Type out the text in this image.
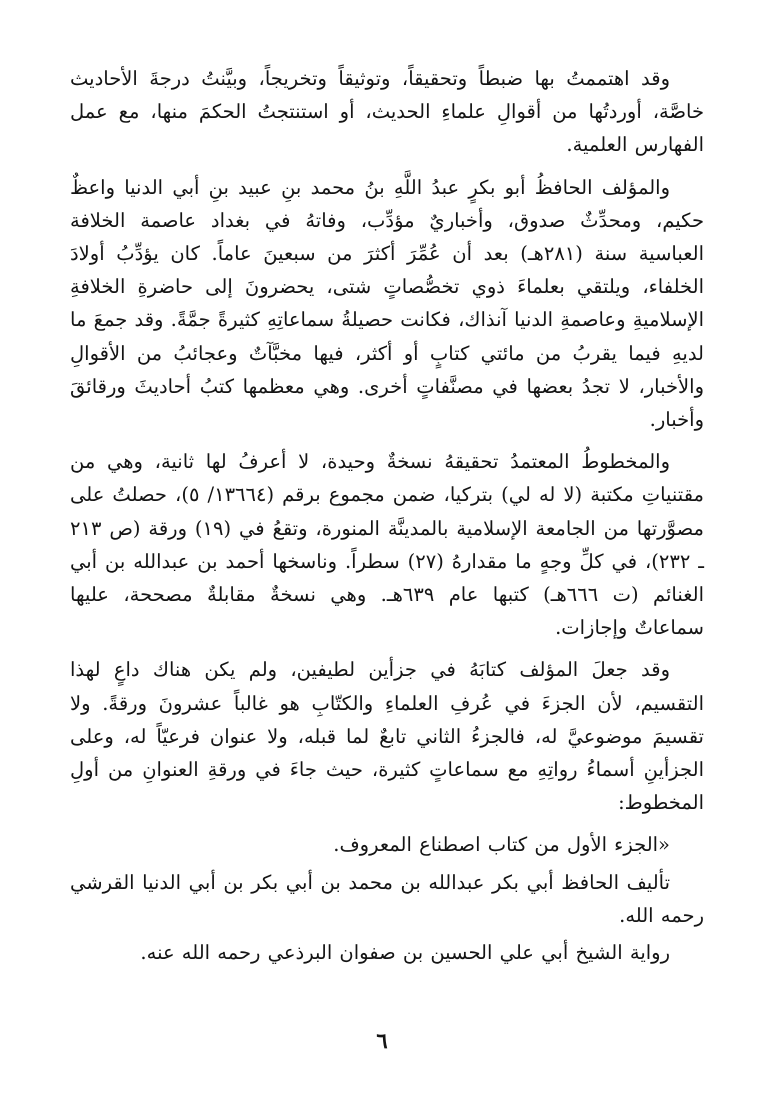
وقد اهتممتُ بها ضبطاً وتحقيقاً، وتوثيقاً وتخريجاً، وبيَّنتُ درجةَ الأحاديث خاصَّة، أوردتُها من أقوالِ علماءِ الحديث، أو استنتجتُ الحكمَ منها، مع عمل الفهارس العلمية.

والمؤلف الحافظُ أبو بكرٍ عبدُ اللَّهِ بنُ محمد بنِ عبيد بنِ أبي الدنيا واعظٌ حكيم، ومحدِّثٌ صدوق، وأخباريٌ مؤدِّب، وفاتهُ في بغداد عاصمة الخلافة العباسية سنة (٢٨١هـ) بعد أن عُمِّرَ أكثرَ من سبعينَ عاماً. كان يؤدِّبُ أولادَ الخلفاء، ويلتقي بعلماءَ ذوي تخصُّصاتٍ شتى، يحضرونَ إلى حاضرةِ الخلافةِ الإسلاميةِ وعاصمةِ الدنيا آنذاك، فكانت حصيلةُ سماعاتِهِ كثيرةً جمَّةً. وقد جمعَ ما لديهِ فيما يقربُ من مائتي كتابٍ أو أكثر، فيها مخبَّآتٌ وعجائبُ من الأقوالِ والأخبار، لا تجدُ بعضها في مصنَّفاتٍ أخرى. وهي معظمها كتبُ أحاديثَ ورقائقَ وأخبار.

والمخطوطُ المعتمدُ تحقيقهُ نسخةٌ وحيدة، لا أعرفُ لها ثانية، وهي من مقتنياتِ مكتبة (لا له لي) بتركيا، ضمن مجموع برقم (١٣٦٦٤/ ٥)، حصلتُ على مصوَّرتها من الجامعة الإسلامية بالمدينَّة المنورة، وتقعُ في (١٩) ورقة (ص ٢١٣ ـ ٢٣٢)، في كلِّ وجهٍ ما مقدارهُ (٢٧) سطراً. وناسخها أحمد بن عبدالله بن أبي الغنائم (ت ٦٦٦هـ) كتبها عام ٦٣٩هـ. وهي نسخةٌ مقابلةٌ مصححة، عليها سماعاتٌ وإجازات.

وقد جعلَ المؤلف كتابَهُ في جزأين لطيفين، ولم يكن هناك داعٍ لهذا التقسيم، لأن الجزءَ في عُرفِ العلماءِ والكتّابِ هو غالباً عشرونَ ورقةً. ولا تقسيمَ موضوعيَّ له، فالجزءُ الثاني تابعٌ لما قبله، ولا عنوان فرعيّاً له، وعلى الجزأينِ أسماءُ رواتِهِ مع سماعاتٍ كثيرة، حيث جاءَ في ورقةِ العنوانِ من أولِ المخطوط:

«الجزء الأول من كتاب اصطناع المعروف.

تأليف الحافظ أبي بكر عبدالله بن محمد بن أبي بكر بن أبي الدنيا القرشي رحمه الله.

رواية الشيخ أبي علي الحسين بن صفوان البرذعي رحمه الله عنه.

٦
